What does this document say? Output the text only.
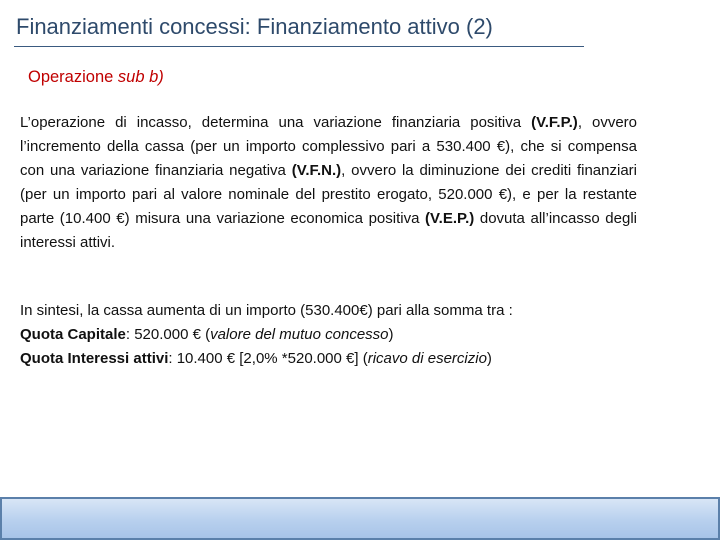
Finanziamenti concessi: Finanziamento attivo (2)
Operazione sub b)

L’operazione di incasso, determina una variazione finanziaria positiva (V.F.P.), ovvero l’incremento della cassa (per un importo complessivo pari a 530.400 €), che si compensa con una variazione finanziaria negativa (V.F.N.), ovvero la diminuzione dei crediti finanziari (per un importo pari al valore nominale del prestito erogato, 520.000 €), e per la restante parte (10.400 €) misura una variazione economica positiva (V.E.P.) dovuta all’incasso degli interessi attivi.

In sintesi, la cassa aumenta di un importo (530.400€) pari alla somma tra :
Quota Capitale: 520.000 € (valore del mutuo concesso)
Quota Interessi attivi: 10.400 € [2,0% *520.000 €] (ricavo di esercizio)
